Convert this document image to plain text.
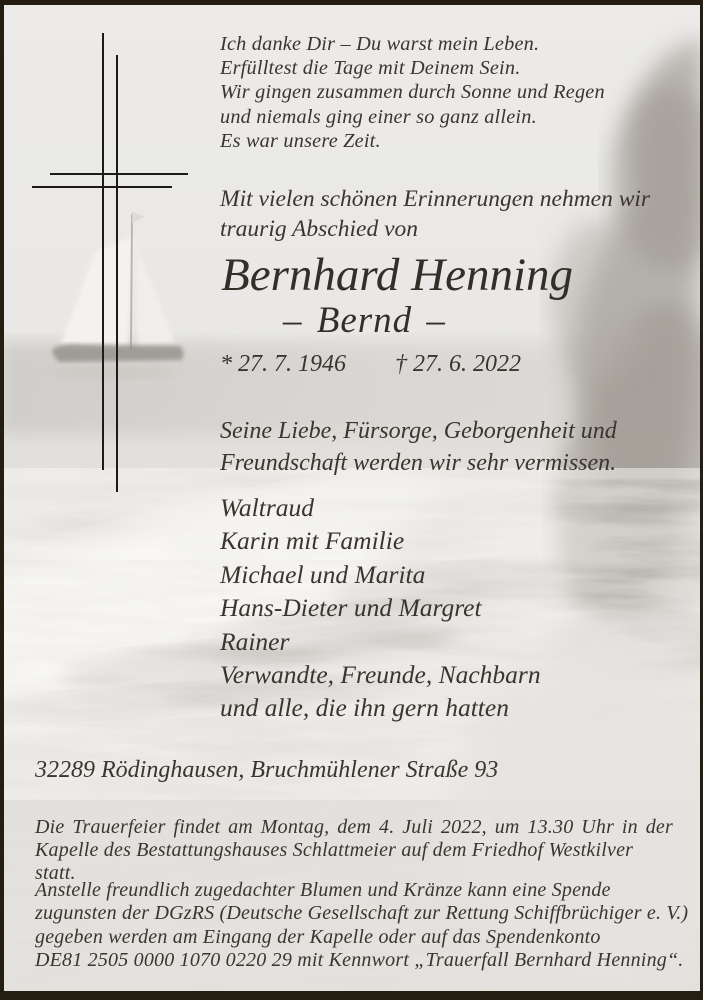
Ich danke Dir – Du warst mein Leben.
Erfülltest die Tage mit Deinem Sein.
Wir gingen zusammen durch Sonne und Regen
und niemals ging einer so ganz allein.
Es war unsere Zeit.
Mit vielen schönen Erinnerungen nehmen wir
traurig Abschied von
Bernhard Henning
– Bernd –
* 27. 7. 1946 † 27. 6. 2022
Seine Liebe, Fürsorge, Geborgenheit und
Freundschaft werden wir sehr vermissen.
Waltraud
Karin mit Familie
Michael und Marita
Hans-Dieter und Margret
Rainer
Verwandte, Freunde, Nachbarn
und alle, die ihn gern hatten
32289 Rödinghausen, Bruchmühlener Straße 93
Die Trauerfeier findet am Montag, dem 4. Juli 2022, um 13.30 Uhr in der
Kapelle des Bestattungshauses Schlattmeier auf dem Friedhof Westkilver statt.
Anstelle freundlich zugedachter Blumen und Kränze kann eine Spende
zugunsten der DGzRS (Deutsche Gesellschaft zur Rettung Schiffbrüchiger e. V.)
gegeben werden am Eingang der Kapelle oder auf das Spendenkonto
DE81 2505 0000 1070 0220 29 mit Kennwort „Trauerfall Bernhard Henning“.
